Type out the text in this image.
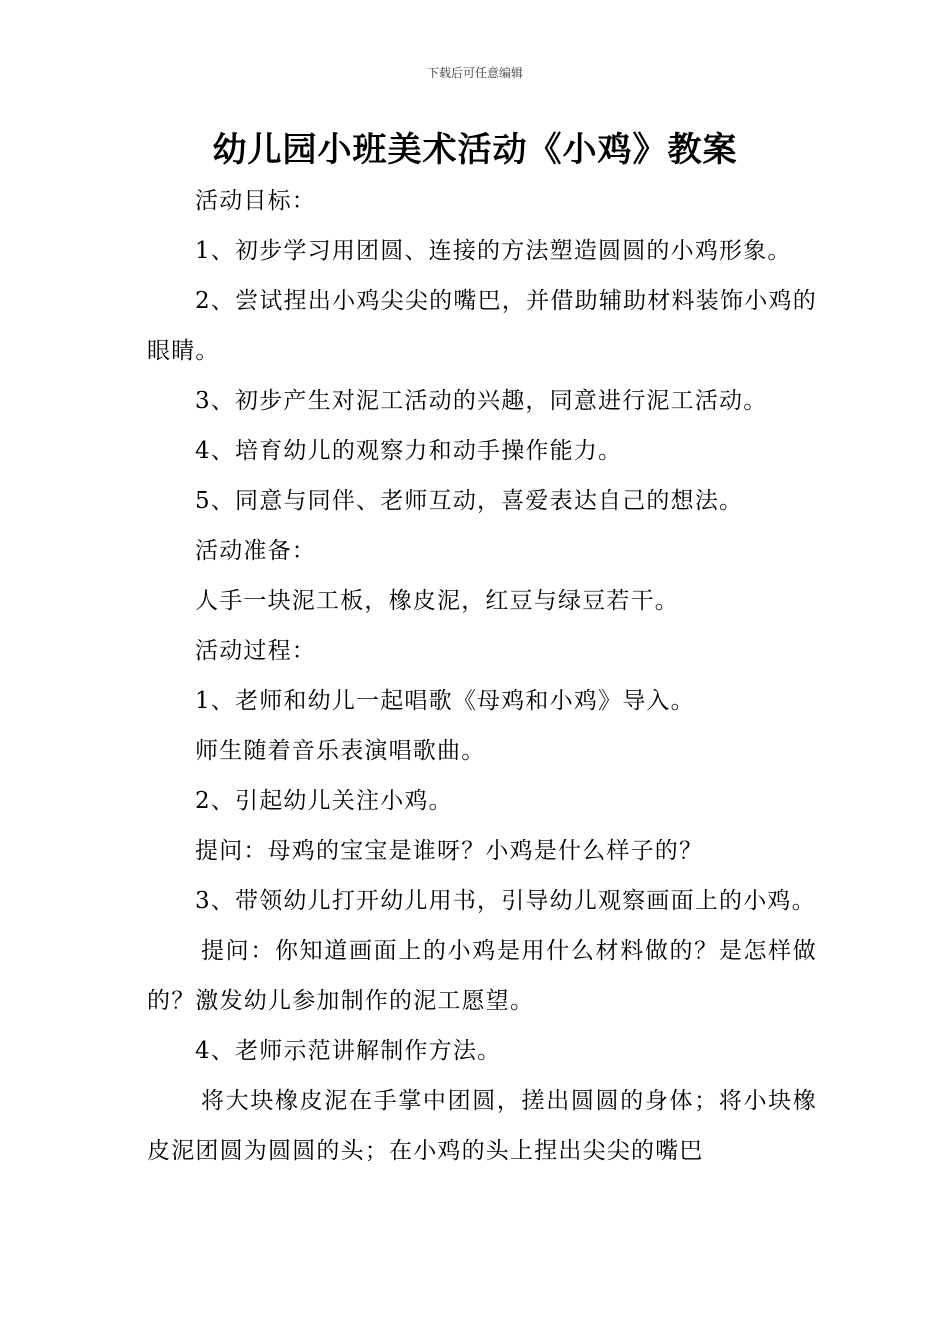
下载后可任意编辑
幼儿园小班美术活动《小鸡》教案

活动目标：

1、初步学习用团圆、连接的方法塑造圆圆的小鸡形象。

2、尝试捏出小鸡尖尖的嘴巴，并借助辅助材料装饰小鸡的眼睛。

3、初步产生对泥工活动的兴趣，同意进行泥工活动。

4、培育幼儿的观察力和动手操作能力。

5、同意与同伴、老师互动，喜爱表达自己的想法。

活动准备：

人手一块泥工板，橡皮泥，红豆与绿豆若干。

活动过程：

1、老师和幼儿一起唱歌《母鸡和小鸡》导入。

师生随着音乐表演唱歌曲。

2、引起幼儿关注小鸡。

提问：母鸡的宝宝是谁呀？小鸡是什么样子的？

3、带领幼儿打开幼儿用书，引导幼儿观察画面上的小鸡。

提问：你知道画面上的小鸡是用什么材料做的？是怎样做的？激发幼儿参加制作的泥工愿望。

4、老师示范讲解制作方法。

将大块橡皮泥在手掌中团圆，搓出圆圆的身体；将小块橡皮泥团圆为圆圆的头；在小鸡的头上捏出尖尖的嘴巴
